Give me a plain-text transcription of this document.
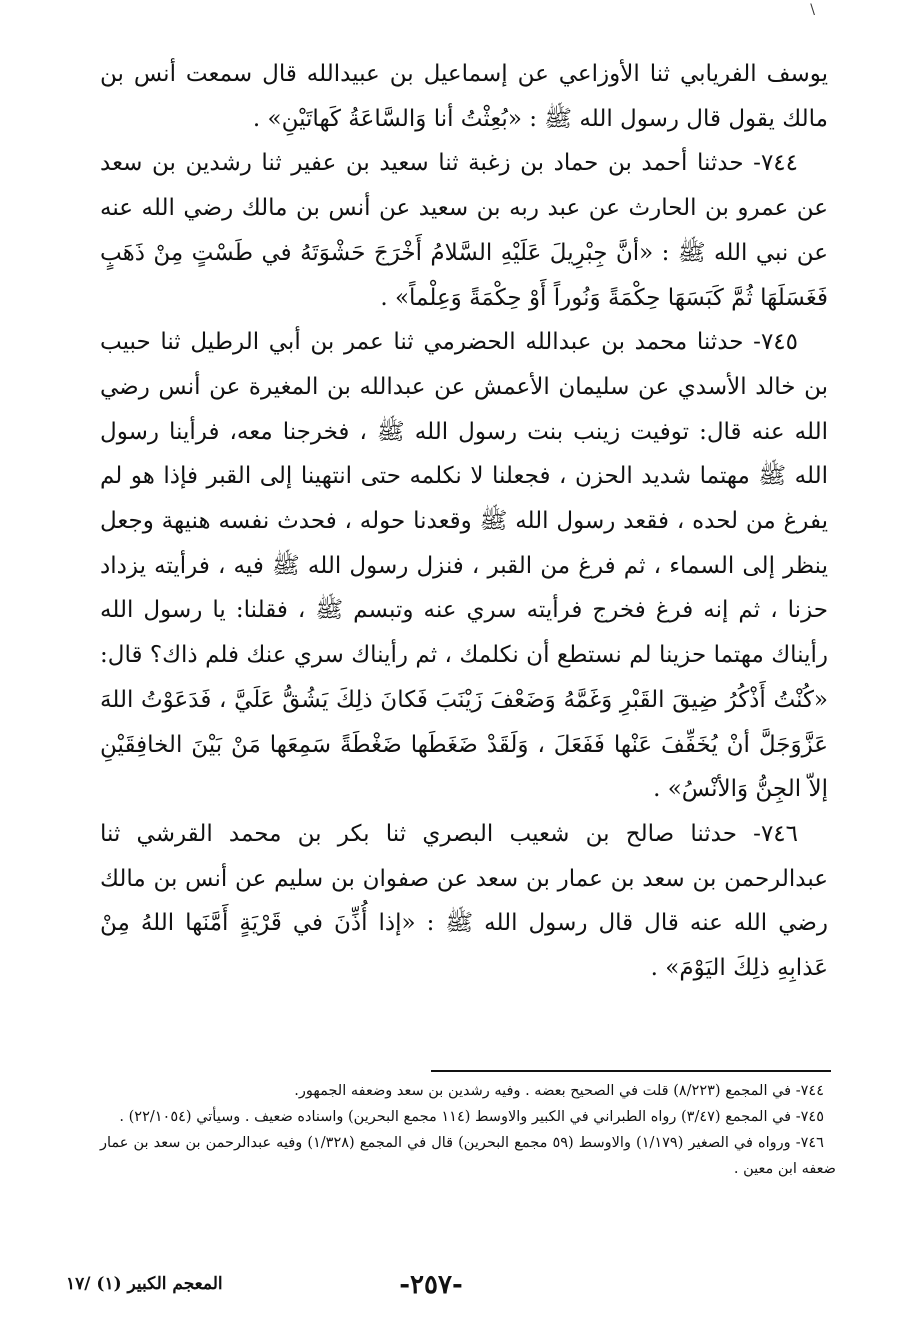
\

يوسف الفريابي ثنا الأوزاعي عن إسماعيل بن عبيدالله قال سمعت أنس بن مالك يقول قال رسول الله ﷺ : «بُعِثْتُ أنا وَالسَّاعَةُ كَهاتَيْنِ» .

٧٤٤- حدثنا أحمد بن حماد بن زغبة ثنا سعيد بن عفير ثنا رشدين بن سعد عن عمرو بن الحارث عن عبد ربه بن سعيد عن أنس بن مالك رضي الله عنه عن نبي الله ﷺ : «أنَّ جِبْرِيلَ عَلَيْهِ السَّلامُ أَخْرَجَ حَشْوَتَهُ في طَسْتٍ مِنْ ذَهَبٍ فَغَسَلَهَا ثُمَّ كَبَسَهَا حِكْمَةً وَنُوراً أَوْ حِكْمَةً وَعِلْماً» .

٧٤٥- حدثنا محمد بن عبدالله الحضرمي ثنا عمر بن أبي الرطيل ثنا حبيب بن خالد الأسدي عن سليمان الأعمش عن عبدالله بن المغيرة عن أنس رضي الله عنه قال: توفيت زينب بنت رسول الله ﷺ ، فخرجنا معه، فرأينا رسول الله ﷺ مهتما شديد الحزن ، فجعلنا لا نكلمه حتى انتهينا إلى القبر فإذا هو لم يفرغ من لحده ، فقعد رسول الله ﷺ وقعدنا حوله ، فحدث نفسه هنيهة وجعل ينظر إلى السماء ، ثم فرغ من القبر ، فنزل رسول الله ﷺ فيه ، فرأيته يزداد حزنا ، ثم إنه فرغ فخرج فرأيته سري عنه وتبسم ﷺ ، فقلنا: يا رسول الله رأيناك مهتما حزينا لم نستطع أن نكلمك ، ثم رأيناك سري عنك فلم ذاك؟ قال: «كُنْتُ أَذْكُرُ ضِيقَ القَبْرِ وَغَمَّهُ وَضَعْفَ زَيْنَبَ فَكانَ ذلِكَ يَشُقُّ عَلَيَّ ، فَدَعَوْتُ اللهَ عَزَّوَجَلَّ أنْ يُخَفِّفَ عَنْها فَفَعَلَ ، وَلَقَدْ ضَغَطَها ضَغْطَةً سَمِعَها مَنْ بَيْنَ الخافِقَيْنِ إلاّ الجِنُّ وَالأنْسُ» .

٧٤٦- حدثنا صالح بن شعيب البصري ثنا بكر بن محمد القرشي ثنا عبدالرحمن بن سعد بن عمار بن سعد عن صفوان بن سليم عن أنس بن مالك رضي الله عنه قال قال رسول الله ﷺ : «إذا أُذِّنَ في قَرْيَةٍ أَمَّنَها اللهُ مِنْ عَذابِهِ ذلِكَ اليَوْمَ» .

٧٤٤- في المجمع (٨/٢٢٣) قلت في الصحيح بعضه . وفيه رشدين بن سعد وضعفه الجمهور.

٧٤٥- في المجمع (٣/٤٧) رواه الطبراني في الكبير والاوسط (١١٤ مجمع البحرين) واسناده ضعيف . وسيأتي (٢٢/١٠٥٤) .

٧٤٦- ورواه في الصغير (١/١٧٩) والاوسط (٥٩ مجمع البحرين) قال في المجمع (١/٣٢٨) وفيه عبدالرحمن بن سعد بن عمار ضعفه ابن معين .

-٢٥٧-
المعجم الكبير (١) /١٧
